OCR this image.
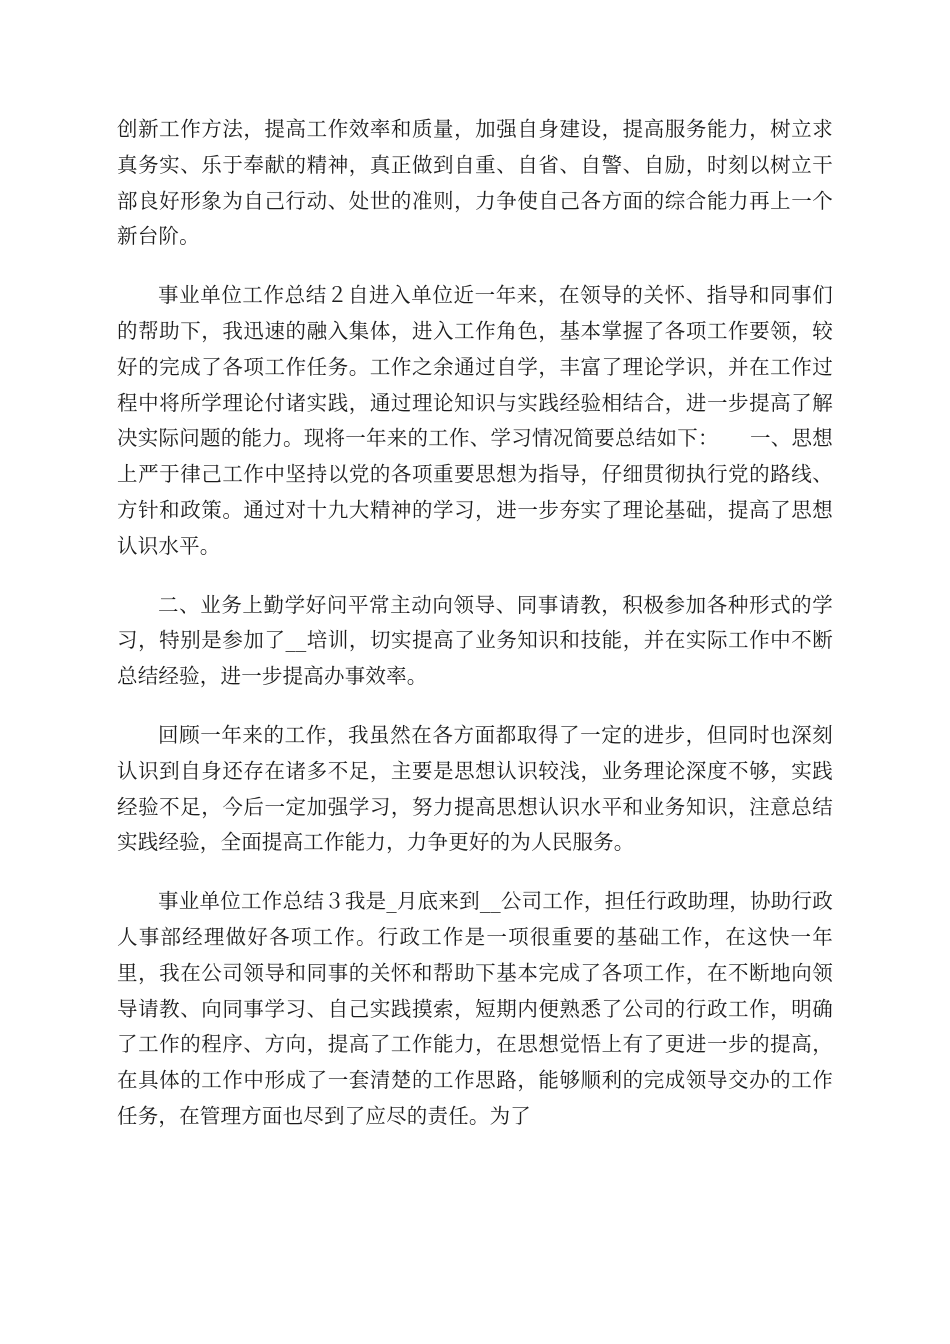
创新工作方法，提高工作效率和质量，加强自身建设，提高服务能力，树立求真务实、乐于奉献的精神，真正做到自重、自省、自警、自励，时刻以树立干部良好形象为自己行动、处世的准则，力争使自己各方面的综合能力再上一个新台阶。

事业单位工作总结２自进入单位近一年来，在领导的关怀、指导和同事们的帮助下，我迅速的融入集体，进入工作角色，基本掌握了各项工作要领，较好的完成了各项工作任务。工作之余通过自学，丰富了理论学识，并在工作过程中将所学理论付诸实践，通过理论知识与实践经验相结合，进一步提高了解决实际问题的能力。现将一年来的工作、学习情况简要总结如下：　　一、思想上严于律己工作中坚持以党的各项重要思想为指导，仔细贯彻执行党的路线、方针和政策。通过对十九大精神的学习，进一步夯实了理论基础，提高了思想认识水平。

二、业务上勤学好问平常主动向领导、同事请教，积极参加各种形式的学习，特别是参加了__培训，切实提高了业务知识和技能，并在实际工作中不断总结经验，进一步提高办事效率。

回顾一年来的工作，我虽然在各方面都取得了一定的进步，但同时也深刻认识到自身还存在诸多不足，主要是思想认识较浅，业务理论深度不够，实践经验不足，今后一定加强学习，努力提高思想认识水平和业务知识，注意总结实践经验，全面提高工作能力，力争更好的为人民服务。

事业单位工作总结３我是_月底来到__公司工作，担任行政助理，协助行政人事部经理做好各项工作。行政工作是一项很重要的基础工作，在这快一年里，我在公司领导和同事的关怀和帮助下基本完成了各项工作，在不断地向领导请教、向同事学习、自己实践摸索，短期内便熟悉了公司的行政工作，明确了工作的程序、方向，提高了工作能力，在思想觉悟上有了更进一步的提高，在具体的工作中形成了一套清楚的工作思路，能够顺利的完成领导交办的工作任务，在管理方面也尽到了应尽的责任。为了
